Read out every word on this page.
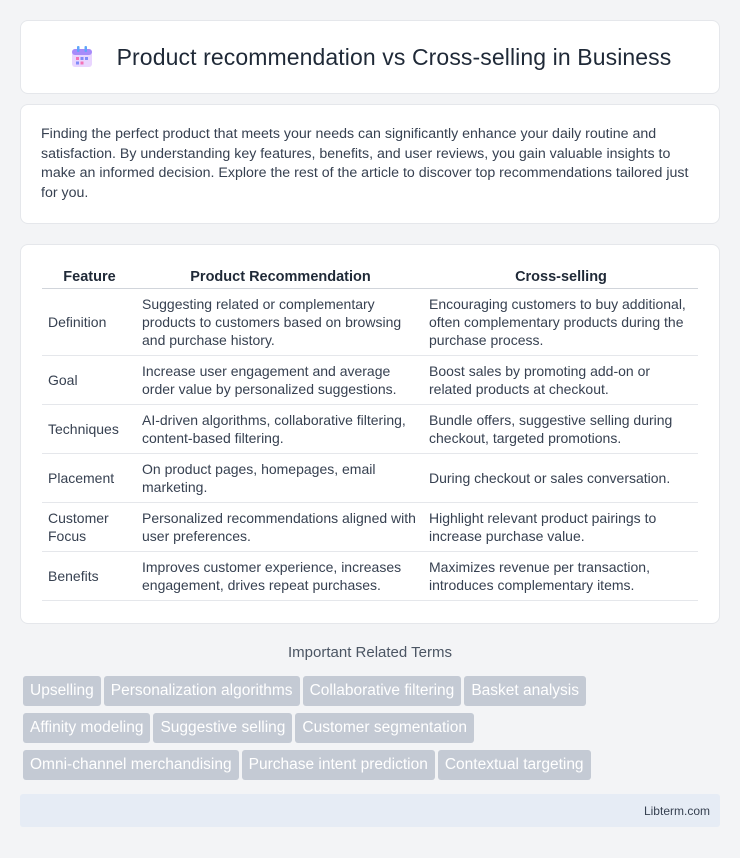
Product recommendation vs Cross-selling in Business

Finding the perfect product that meets your needs can significantly enhance your daily routine and satisfaction. By understanding key features, benefits, and user reviews, you gain valuable insights to make an informed decision. Explore the rest of the article to discover top recommendations tailored just for you.

Feature	Product Recommendation	Cross-selling
Definition	Suggesting related or complementary products to customers based on browsing and purchase history.	Encouraging customers to buy additional, often complementary products during the purchase process.
Goal	Increase user engagement and average order value by personalized suggestions.	Boost sales by promoting add-on or related products at checkout.
Techniques	AI-driven algorithms, collaborative filtering, content-based filtering.	Bundle offers, suggestive selling during checkout, targeted promotions.
Placement	On product pages, homepages, email marketing.	During checkout or sales conversation.
Customer Focus	Personalized recommendations aligned with user preferences.	Highlight relevant product pairings to increase purchase value.
Benefits	Improves customer experience, increases engagement, drives repeat purchases.	Maximizes revenue per transaction, introduces complementary items.
Important Related Terms
Upselling Personalization algorithms Collaborative filtering Basket analysis
Affinity modeling Suggestive selling Customer segmentation
Omni-channel merchandising Purchase intent prediction Contextual targeting
Libterm.com
